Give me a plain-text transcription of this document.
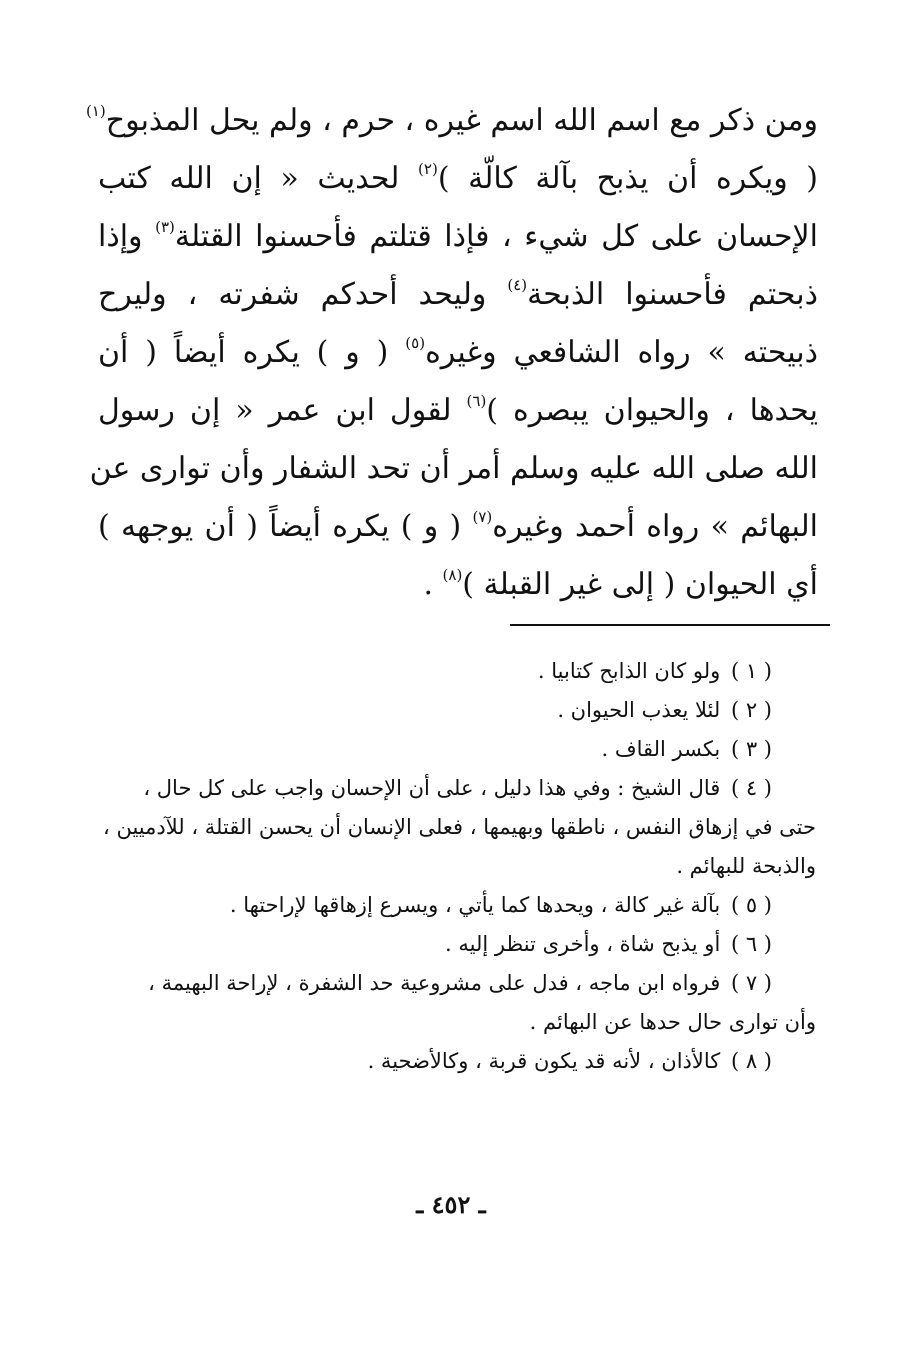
ومن ذكر مع اسم الله اسم غيره ، حرم ، ولم يحل المذبوح$^{(١)}$
( ويكره أن يذبح بآلة كالّة )$^{(٢)}$ لحديث « إن الله كتب
الإحسان على كل شيء ، فإذا قتلتم فأحسنوا القتلة$^{(٣)}$ وإذا
ذبحتم فأحسنوا الذبحة$^{(٤)}$ وليحد أحدكم شفرته ، وليرح
ذبيحته » رواه الشافعي وغيره$^{(٥)}$ ( و ) يكره أيضاً ( أن
يحدها ، والحيوان يبصره )$^{(٦)}$ لقول ابن عمر « إن رسول
الله صلى الله عليه وسلم أمر أن تحد الشفار وأن توارى عن
البهائم » رواه أحمد وغيره$^{(٧)}$ ( و ) يكره أيضاً ( أن يوجهه )
أي الحيوان ( إلى غير القبلة )$^{(٨)}$ .
( ١ ) ولو كان الذابح كتابيا .
( ٢ ) لئلا يعذب الحيوان .
( ٣ ) بكسر القاف .
( ٤ ) قال الشيخ : وفي هذا دليل ، على أن الإحسان واجب على كل حال ،
حتى في إزهاق النفس ، ناطقها وبهيمها ، فعلى الإنسان أن يحسن القتلة ، للآدميين ،
والذبحة للبهائم .
( ٥ ) بآلة غير كالة ، ويحدها كما يأتي ، ويسرع إزهاقها لإراحتها .
( ٦ ) أو يذبح شاة ، وأخرى تنظر إليه .
( ٧ ) فرواه ابن ماجه ، فدل على مشروعية حد الشفرة ، لإراحة البهيمة ،
وأن توارى حال حدها عن البهائم .
( ٨ ) كالأذان ، لأنه قد يكون قربة ، وكالأضحية .
ـ ٤٥٢ ـ
